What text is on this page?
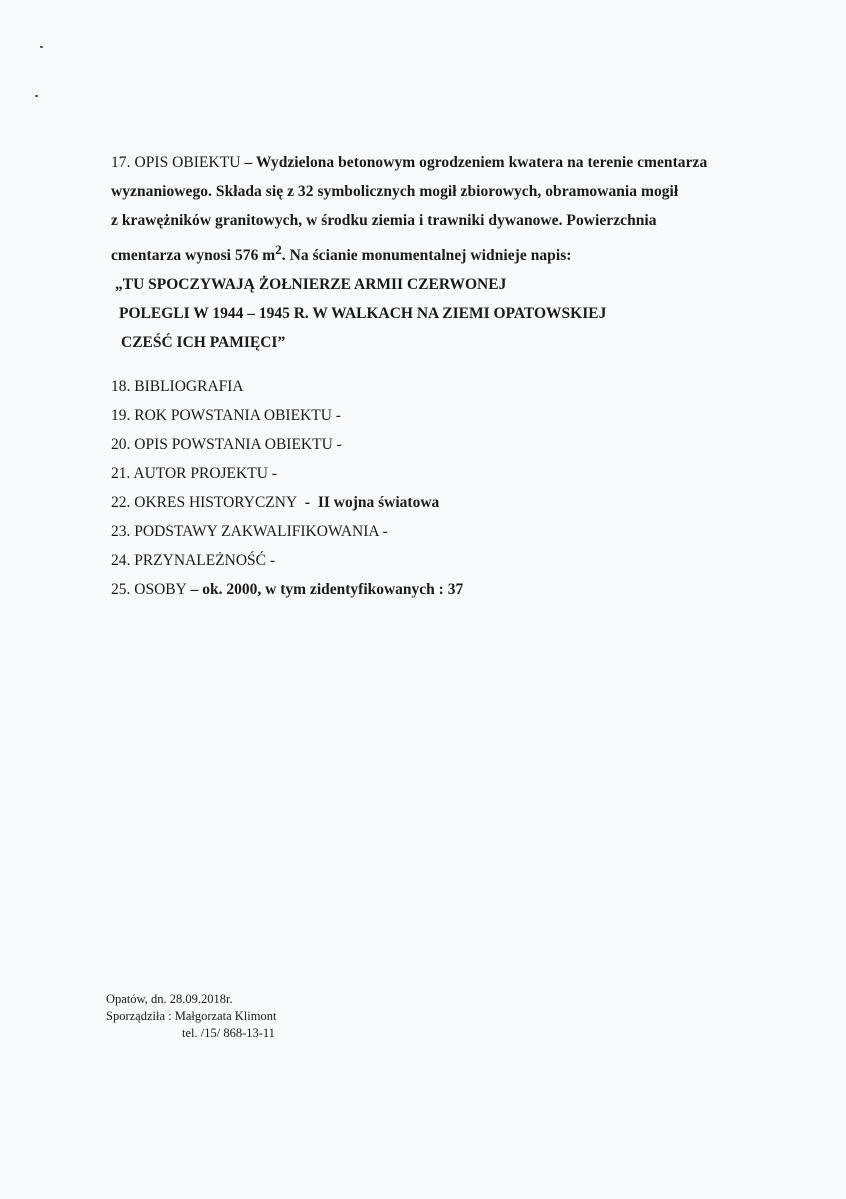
17. OPIS OBIEKTU – Wydzielona betonowym ogrodzeniem kwatera na terenie cmentarza
wyznaniowego. Składa się z 32 symbolicznych mogił zbiorowych, obramowania mogił
z krawężników granitowych, w środku ziemia i trawniki dywanowe. Powierzchnia
cmentarza wynosi 576 $m^2$. Na ścianie monumentalnej widnieje napis:
„TU SPOCZYWAJĄ ŻOŁNIERZE ARMII CZERWONEJ
POLEGLI W 1944 – 1945 R. W WALKACH NA ZIEMI OPATOWSKIEJ
CZEŚĆ ICH PAMIĘCI”
18. BIBLIOGRAFIA
19. ROK POWSTANIA OBIEKTU -
20. OPIS POWSTANIA OBIEKTU -
21. AUTOR PROJEKTU -
22. OKRES HISTORYCZNY  -  II wojna światowa
23. PODSTAWY ZAKWALIFIKOWANIA -
24. PRZYNALEŻNOŚĆ -
25. OSOBY – ok. 2000, w tym zidentyfikowanych : 37
Opatów, dn. 28.09.2018r.
Sporządziła : Małgorzata Klimont
tel. /15/ 868-13-11
